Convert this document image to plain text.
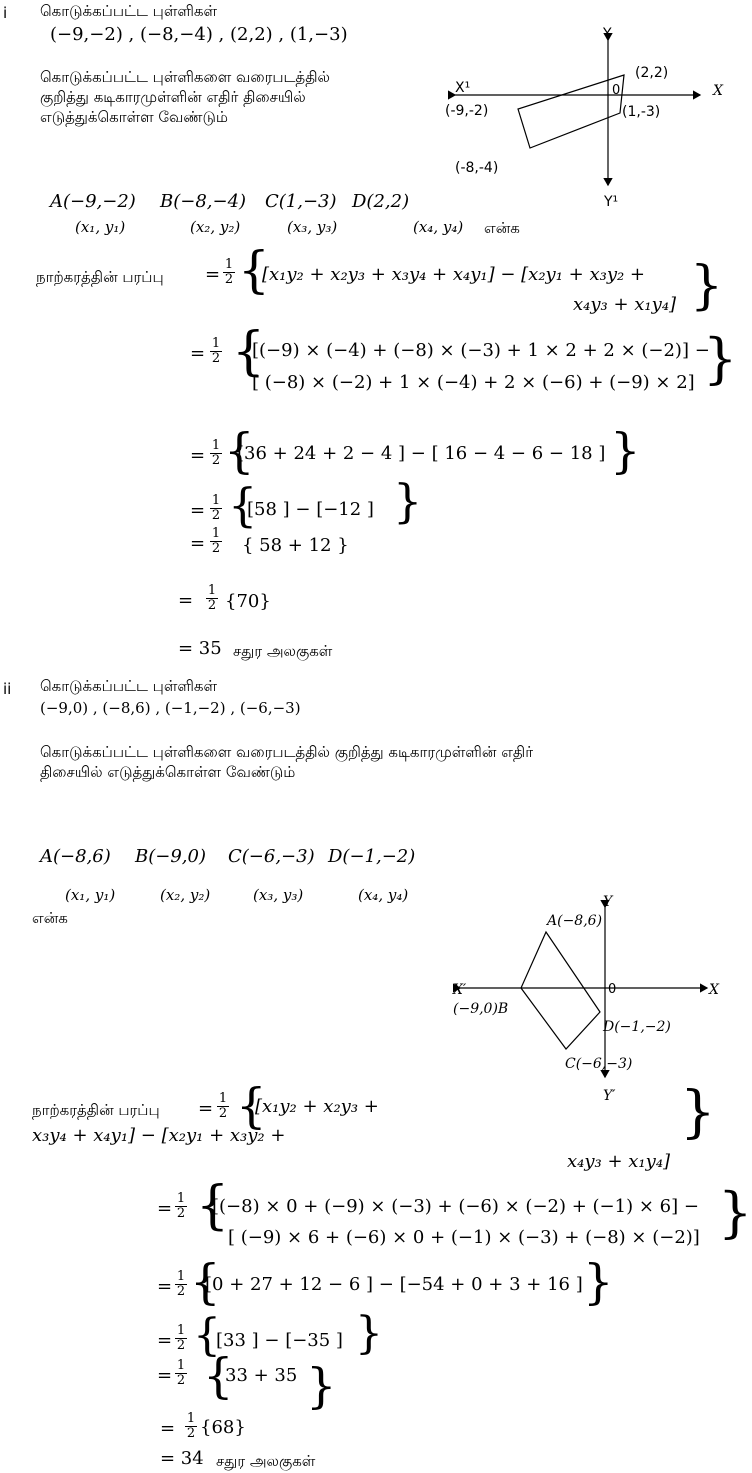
i கொடுக்கப்பட்ட புள்ளிகள்
(−9,−2) , (−8,−4) , (2,2) , (1,−3)
கொடுக்கப்பட்ட புள்ளிகளை வரைபடத்தில்
குறித்து கடிகாரமுள்ளின் எதிர் திசையில்
எடுத்துக்கொள்ள வேண்டும்
Y
X
X¹
Y¹
0
(-9,-2)
(-8,-4)
(1,-3)
(2,2)
A(−9,−2) B(−8,−4) C(1,−3) D(2,2)
(x₁, y₁)	(x₂, y₂)	(x₃, y₃)	(x₄, y₄) என்க
நாற்கரத்தின் பரப்பு = $\frac{1}{2}$ {
[x₁y₂ + x₂y₃ + x₃y₄ + x₄y₁] − [x₂y₁ + x₃y₂ +
x₄y₃ + x₁y₄] }
= $\frac{1}{2}$ {
[(−9) × (−4) + (−8) × (−3) + 1 × 2 + 2 × (−2)] −
[ (−8) × (−2) + 1 × (−4) + 2 × (−6) + (−9) × 2] }
= $\frac{1}{2}$ {
[36 + 24 + 2 − 4 ] − [ 16 − 4 − 6 − 18 ] }
= $\frac{1}{2}$ {
[58 ] − [−12 ] }
= $\frac{1}{2}$ { 58 + 12 }
= $\frac{1}{2} \{70\}$
= 35 சதுர அலகுகள்
ii கொடுக்கப்பட்ட புள்ளிகள்
(−9,0) , (−8,6) , (−1,−2) , (−6,−3)
கொடுக்கப்பட்ட புள்ளிகளை வரைபடத்தில் குறித்து கடிகாரமுள்ளின் எதிர்
திசையில் எடுத்துக்கொள்ள வேண்டும்
A(−8,6) B(−9,0) C(−6,−3) D(−1,−2)
(x₁, y₁)	(x₂, y₂)	(x₃, y₃)	(x₄, y₄)
என்க
Y
X
X′
Y′
0
A(−8,6)
(−9,0)B
C(−6,−3)
D(−1,−2)
நாற்கரத்தின் பரப்பு = $\frac{1}{2}$ {
[x₁y₂ + x₂y₃ +
x₃y₄ + x₄y₁] − [x₂y₁ + x₃y₂ +	}
x₄y₃ + x₁y₄]
= $\frac{1}{2}$ {
[(−8) × 0 + (−9) × (−3) + (−6) × (−2) + (−1) × 6] −
[ (−9) × 6 + (−6) × 0 + (−1) × (−3) + (−8) × (−2)] }
= $\frac{1}{2}$ {
[0 + 27 + 12 − 6 ] − [−54 + 0 + 3 + 16 ] }
= $\frac{1}{2}$ {
[33 ] − [−35 ] }
= $\frac{1}{2}$ {
33 + 35 }
= $\frac{1}{2} \{68\}$
= 34 சதுர அலகுகள்
